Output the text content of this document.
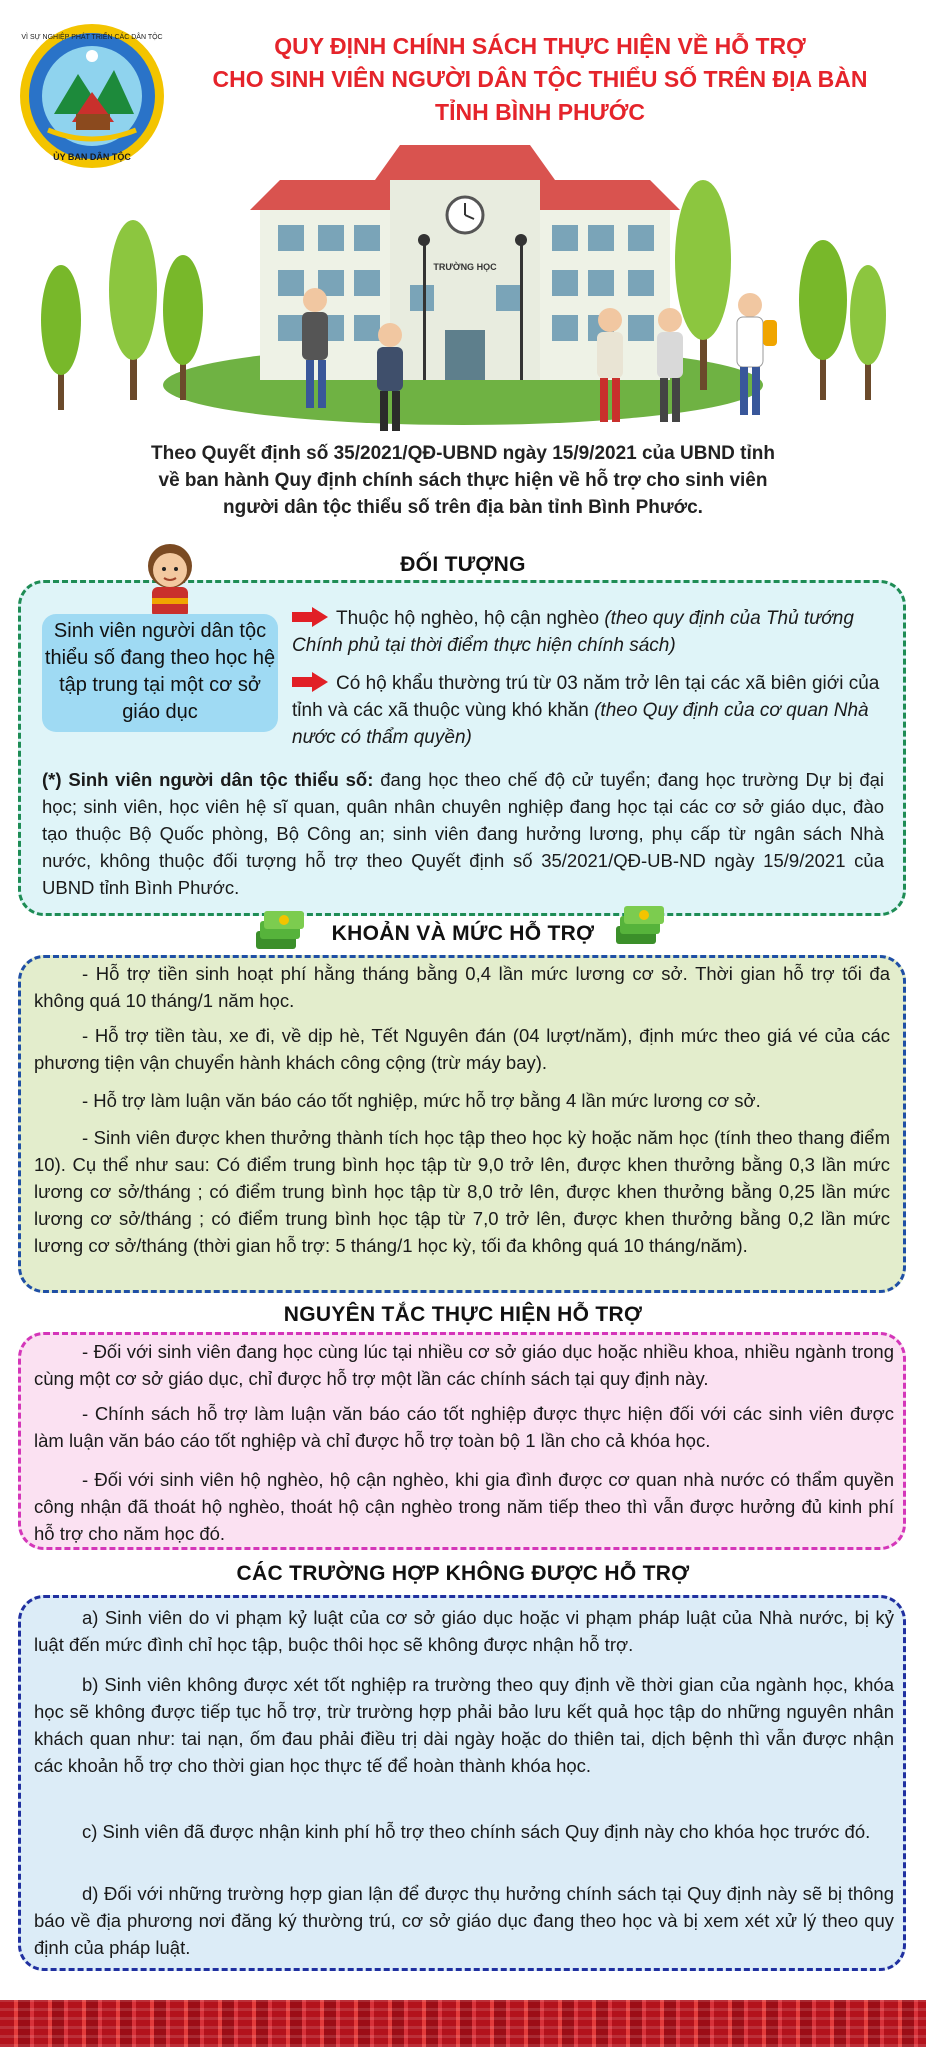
ỦY BAN DÂN TỘC
VÌ SỰ NGHIỆP PHÁT TRIỂN CÁC DÂN TỘC	QUY ĐỊNH CHÍNH SÁCH THỰC HIỆN VỀ HỖ TRỢ
CHO SINH VIÊN NGƯỜI DÂN TỘC THIỂU SỐ TRÊN ĐỊA BÀN
TỈNH BÌNH PHƯỚC
TRƯỜNG HỌC
Theo Quyết định số 35/2021/QĐ-UBND ngày 15/9/2021 của UBND tỉnh
về ban hành Quy định chính sách thực hiện về hỗ trợ cho sinh viên
người dân tộc thiểu số trên địa bàn tỉnh Bình Phước.
ĐỐI TƯỢNG
Sinh viên người dân tộc thiểu số đang theo học hệ tập trung tại một cơ sở giáo dục
Thuộc hộ nghèo, hộ cận nghèo (theo quy định của Thủ tướng Chính phủ tại thời điểm thực hiện chính sách)
Có hộ khẩu thường trú từ 03 năm trở lên tại các xã biên giới của tỉnh và các xã thuộc vùng khó khăn (theo Quy định của cơ quan Nhà nước có thẩm quyền)
(*) Sinh viên người dân tộc thiểu số: đang học theo chế độ cử tuyển; đang học trường Dự bị đại học; sinh viên, học viên hệ sĩ quan, quân nhân chuyên nghiệp đang học tại các cơ sở giáo dục, đào tạo thuộc Bộ Quốc phòng, Bộ Công an; sinh viên đang hưởng lương, phụ cấp từ ngân sách Nhà nước, không thuộc đối tượng hỗ trợ theo Quyết định số 35/2021/QĐ-UB-ND ngày 15/9/2021 của UBND tỉnh Bình Phước.
KHOẢN VÀ MỨC HỖ TRỢ
- Hỗ trợ tiền sinh hoạt phí hằng tháng bằng 0,4 lần mức lương cơ sở. Thời gian hỗ trợ tối đa không quá 10 tháng/1 năm học.
- Hỗ trợ tiền tàu, xe đi, về dịp hè, Tết Nguyên đán (04 lượt/năm), định mức theo giá vé của các phương tiện vận chuyển hành khách công cộng (trừ máy bay).
- Hỗ trợ làm luận văn báo cáo tốt nghiệp, mức hỗ trợ bằng 4 lần mức lương cơ sở.
- Sinh viên được khen thưởng thành tích học tập theo học kỳ hoặc năm học (tính theo thang điểm 10). Cụ thể như sau: Có điểm trung bình học tập từ 9,0 trở lên, được khen thưởng bằng 0,3 lần mức lương cơ sở/tháng ; có điểm trung bình học tập từ 8,0 trở lên, được khen thưởng bằng 0,25 lần mức lương cơ sở/tháng ; có điểm trung bình học tập từ 7,0 trở lên, được khen thưởng bằng 0,2 lần mức lương cơ sở/tháng (thời gian hỗ trợ: 5 tháng/1 học kỳ, tối đa không quá 10 tháng/năm).
NGUYÊN TẮC THỰC HIỆN HỖ TRỢ
- Đối với sinh viên đang học cùng lúc tại nhiều cơ sở giáo dục hoặc nhiều khoa, nhiều ngành trong cùng một cơ sở giáo dục, chỉ được hỗ trợ một lần các chính sách tại quy định này.
- Chính sách hỗ trợ làm luận văn báo cáo tốt nghiệp được thực hiện đối với các sinh viên được làm luận văn báo cáo tốt nghiệp và chỉ được hỗ trợ toàn bộ 1 lần cho cả khóa học.
- Đối với sinh viên hộ nghèo, hộ cận nghèo, khi gia đình được cơ quan nhà nước có thẩm quyền công nhận đã thoát hộ nghèo, thoát hộ cận nghèo trong năm tiếp theo thì vẫn được hưởng đủ kinh phí hỗ trợ cho năm học đó.
CÁC TRƯỜNG HỢP KHÔNG ĐƯỢC HỖ TRỢ
a) Sinh viên do vi phạm kỷ luật của cơ sở giáo dục hoặc vi phạm pháp luật của Nhà nước, bị kỷ luật đến mức đình chỉ học tập, buộc thôi học sẽ không được nhận hỗ trợ.
b) Sinh viên không được xét tốt nghiệp ra trường theo quy định về thời gian của ngành học, khóa học sẽ không được tiếp tục hỗ trợ, trừ trường hợp phải bảo lưu kết quả học tập do những nguyên nhân khách quan như: tai nạn, ốm đau phải điều trị dài ngày hoặc do thiên tai, dịch bệnh thì vẫn được nhận các khoản hỗ trợ cho thời gian học thực tế để hoàn thành khóa học.
c) Sinh viên đã được nhận kinh phí hỗ trợ theo chính sách Quy định này cho khóa học trước đó.
d) Đối với những trường hợp gian lận để được thụ hưởng chính sách tại Quy định này sẽ bị thông báo về địa phương nơi đăng ký thường trú, cơ sở giáo dục đang theo học và bị xem xét xử lý theo quy định của pháp luật.
